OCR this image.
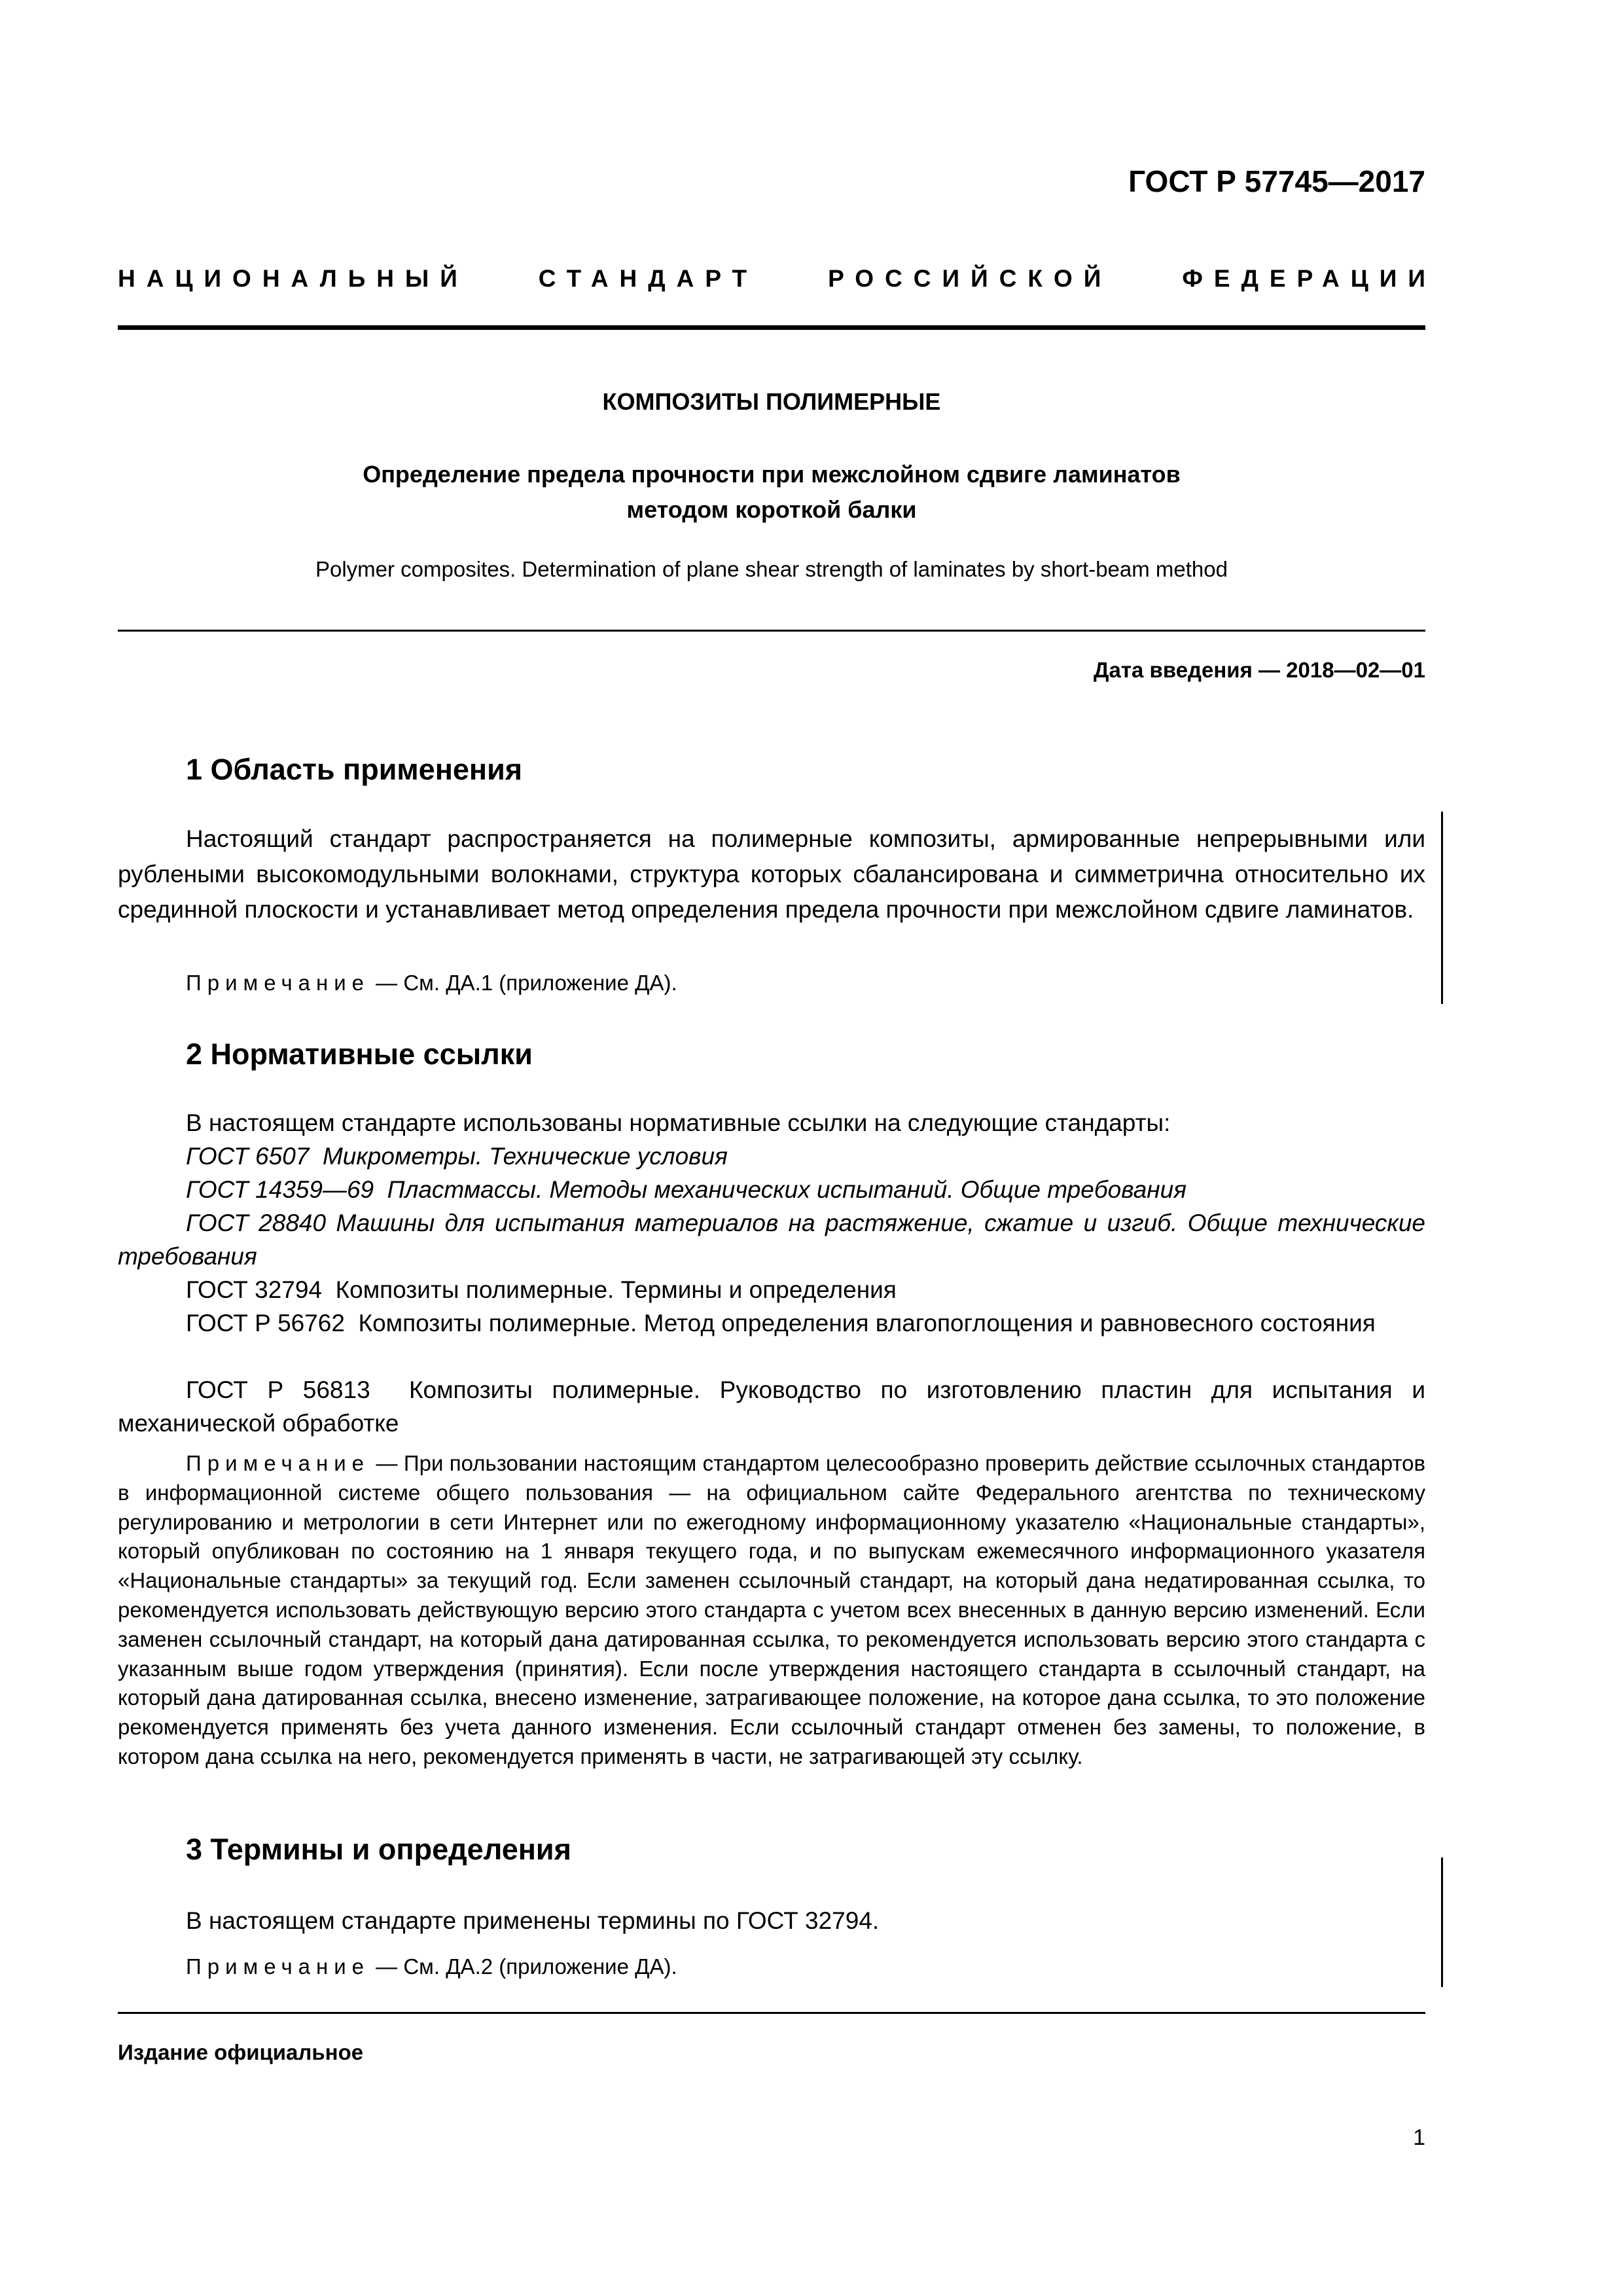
ГОСТ Р 57745—2017
НАЦИОНАЛЬНЫЙ	СТАНДАРТ	РОССИЙСКОЙ	ФЕДЕРАЦИИ
КОМПОЗИТЫ ПОЛИМЕРНЫЕ
Определение предела прочности при межслойном сдвиге ламинатов
методом короткой балки
Polymer composites. Determination of plane shear strength of laminates by short-beam method
Дата введения — 2018—02—01
1 Область применения
Настоящий стандарт распространяется на полимерные композиты, армированные непрерывными или рублеными высокомодульными волокнами, структура которых сбалансирована и симметрична относительно их срединной плоскости и устанавливает метод определения предела прочности при межслойном сдвиге ламинатов.
Примечание — См. ДА.1 (приложение ДА).
2 Нормативные ссылки
В настоящем стандарте использованы нормативные ссылки на следующие стандарты:
ГОСТ 6507 Микрометры. Технические условия
ГОСТ 14359—69 Пластмассы. Методы механических испытаний. Общие требования
ГОСТ 28840 Машины для испытания материалов на растяжение, сжатие и изгиб. Общие технические требования
ГОСТ 32794 Композиты полимерные. Термины и определения
ГОСТ Р 56762 Композиты полимерные. Метод определения влагопоглощения и равновесного состояния
ГОСТ Р 56813 Композиты полимерные. Руководство по изготовлению пластин для испытания и механической обработке
Примечание — При пользовании настоящим стандартом целесообразно проверить действие ссылочных стандартов в информационной системе общего пользования — на официальном сайте Федерального агентства по техническому регулированию и метрологии в сети Интернет или по ежегодному информационному указателю «Национальные стандарты», который опубликован по состоянию на 1 января текущего года, и по выпускам ежемесячного информационного указателя «Национальные стандарты» за текущий год. Если заменен ссылочный стандарт, на который дана недатированная ссылка, то рекомендуется использовать действующую версию этого стандарта с учетом всех внесенных в данную версию изменений. Если заменен ссылочный стандарт, на который дана датированная ссылка, то рекомендуется использовать версию этого стандарта с указанным выше годом утверждения (принятия). Если после утверждения настоящего стандарта в ссылочный стандарт, на который дана датированная ссылка, внесено изменение, затрагивающее положение, на которое дана ссылка, то это положение рекомендуется применять без учета данного изменения. Если ссылочный стандарт отменен без замены, то положение, в котором дана ссылка на него, рекомендуется применять в части, не затрагивающей эту ссылку.
3 Термины и определения
В настоящем стандарте применены термины по ГОСТ 32794.
Примечание — См. ДА.2 (приложение ДА).
Издание официальное
1
